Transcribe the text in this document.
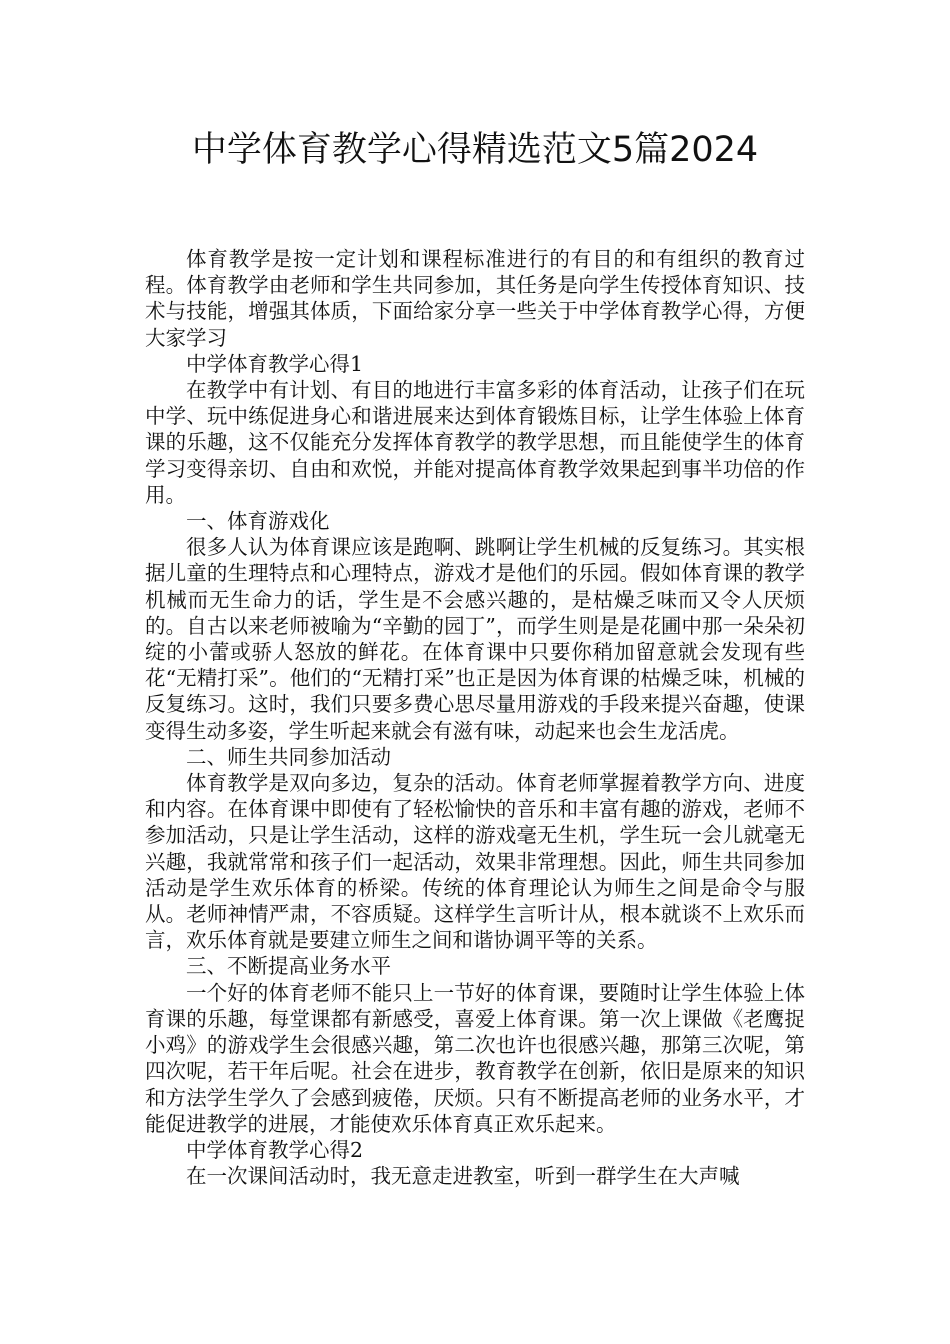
中学体育教学心得精选范文5篇2024

体育教学是按一定计划和课程标准进行的有目的和有组织的教育过程。体育教学由老师和学生共同参加，其任务是向学生传授体育知识、技术与技能，增强其体质，下面给家分享一些关于中学体育教学心得，方便大家学习

中学体育教学心得1

在教学中有计划、有目的地进行丰富多彩的体育活动，让孩子们在玩中学、玩中练促进身心和谐进展来达到体育锻炼目标，让学生体验上体育课的乐趣，这不仅能充分发挥体育教学的教学思想，而且能使学生的体育学习变得亲切、自由和欢悦，并能对提高体育教学效果起到事半功倍的作用。

一、体育游戏化

很多人认为体育课应该是跑啊、跳啊让学生机械的反复练习。其实根据儿童的生理特点和心理特点，游戏才是他们的乐园。假如体育课的教学机械而无生命力的话，学生是不会感兴趣的，是枯燥乏味而又令人厌烦的。自古以来老师被喻为“辛勤的园丁”，而学生则是是花圃中那一朵朵初绽的小蕾或骄人怒放的鲜花。在体育课中只要你稍加留意就会发现有些花“无精打采”。他们的“无精打采”也正是因为体育课的枯燥乏味，机械的反复练习。这时，我们只要多费心思尽量用游戏的手段来提兴奋趣，使课变得生动多姿，学生听起来就会有滋有味，动起来也会生龙活虎。

二、师生共同参加活动

体育教学是双向多边，复杂的活动。体育老师掌握着教学方向、进度和内容。在体育课中即使有了轻松愉快的音乐和丰富有趣的游戏，老师不参加活动，只是让学生活动，这样的游戏毫无生机，学生玩一会儿就毫无兴趣，我就常常和孩子们一起活动，效果非常理想。因此，师生共同参加活动是学生欢乐体育的桥梁。传统的体育理论认为师生之间是命令与服从。老师神情严肃，不容质疑。这样学生言听计从，根本就谈不上欢乐而言，欢乐体育就是要建立师生之间和谐协调平等的关系。

三、不断提高业务水平

一个好的体育老师不能只上一节好的体育课，要随时让学生体验上体育课的乐趣，每堂课都有新感受，喜爱上体育课。第一次上课做《老鹰捉小鸡》的游戏学生会很感兴趣，第二次也许也很感兴趣，那第三次呢，第四次呢，若干年后呢。社会在进步，教育教学在创新，依旧是原来的知识和方法学生学久了会感到疲倦，厌烦。只有不断提高老师的业务水平，才能促进教学的进展，才能使欢乐体育真正欢乐起来。

中学体育教学心得2

在一次课间活动时，我无意走进教室，听到一群学生在大声喊
